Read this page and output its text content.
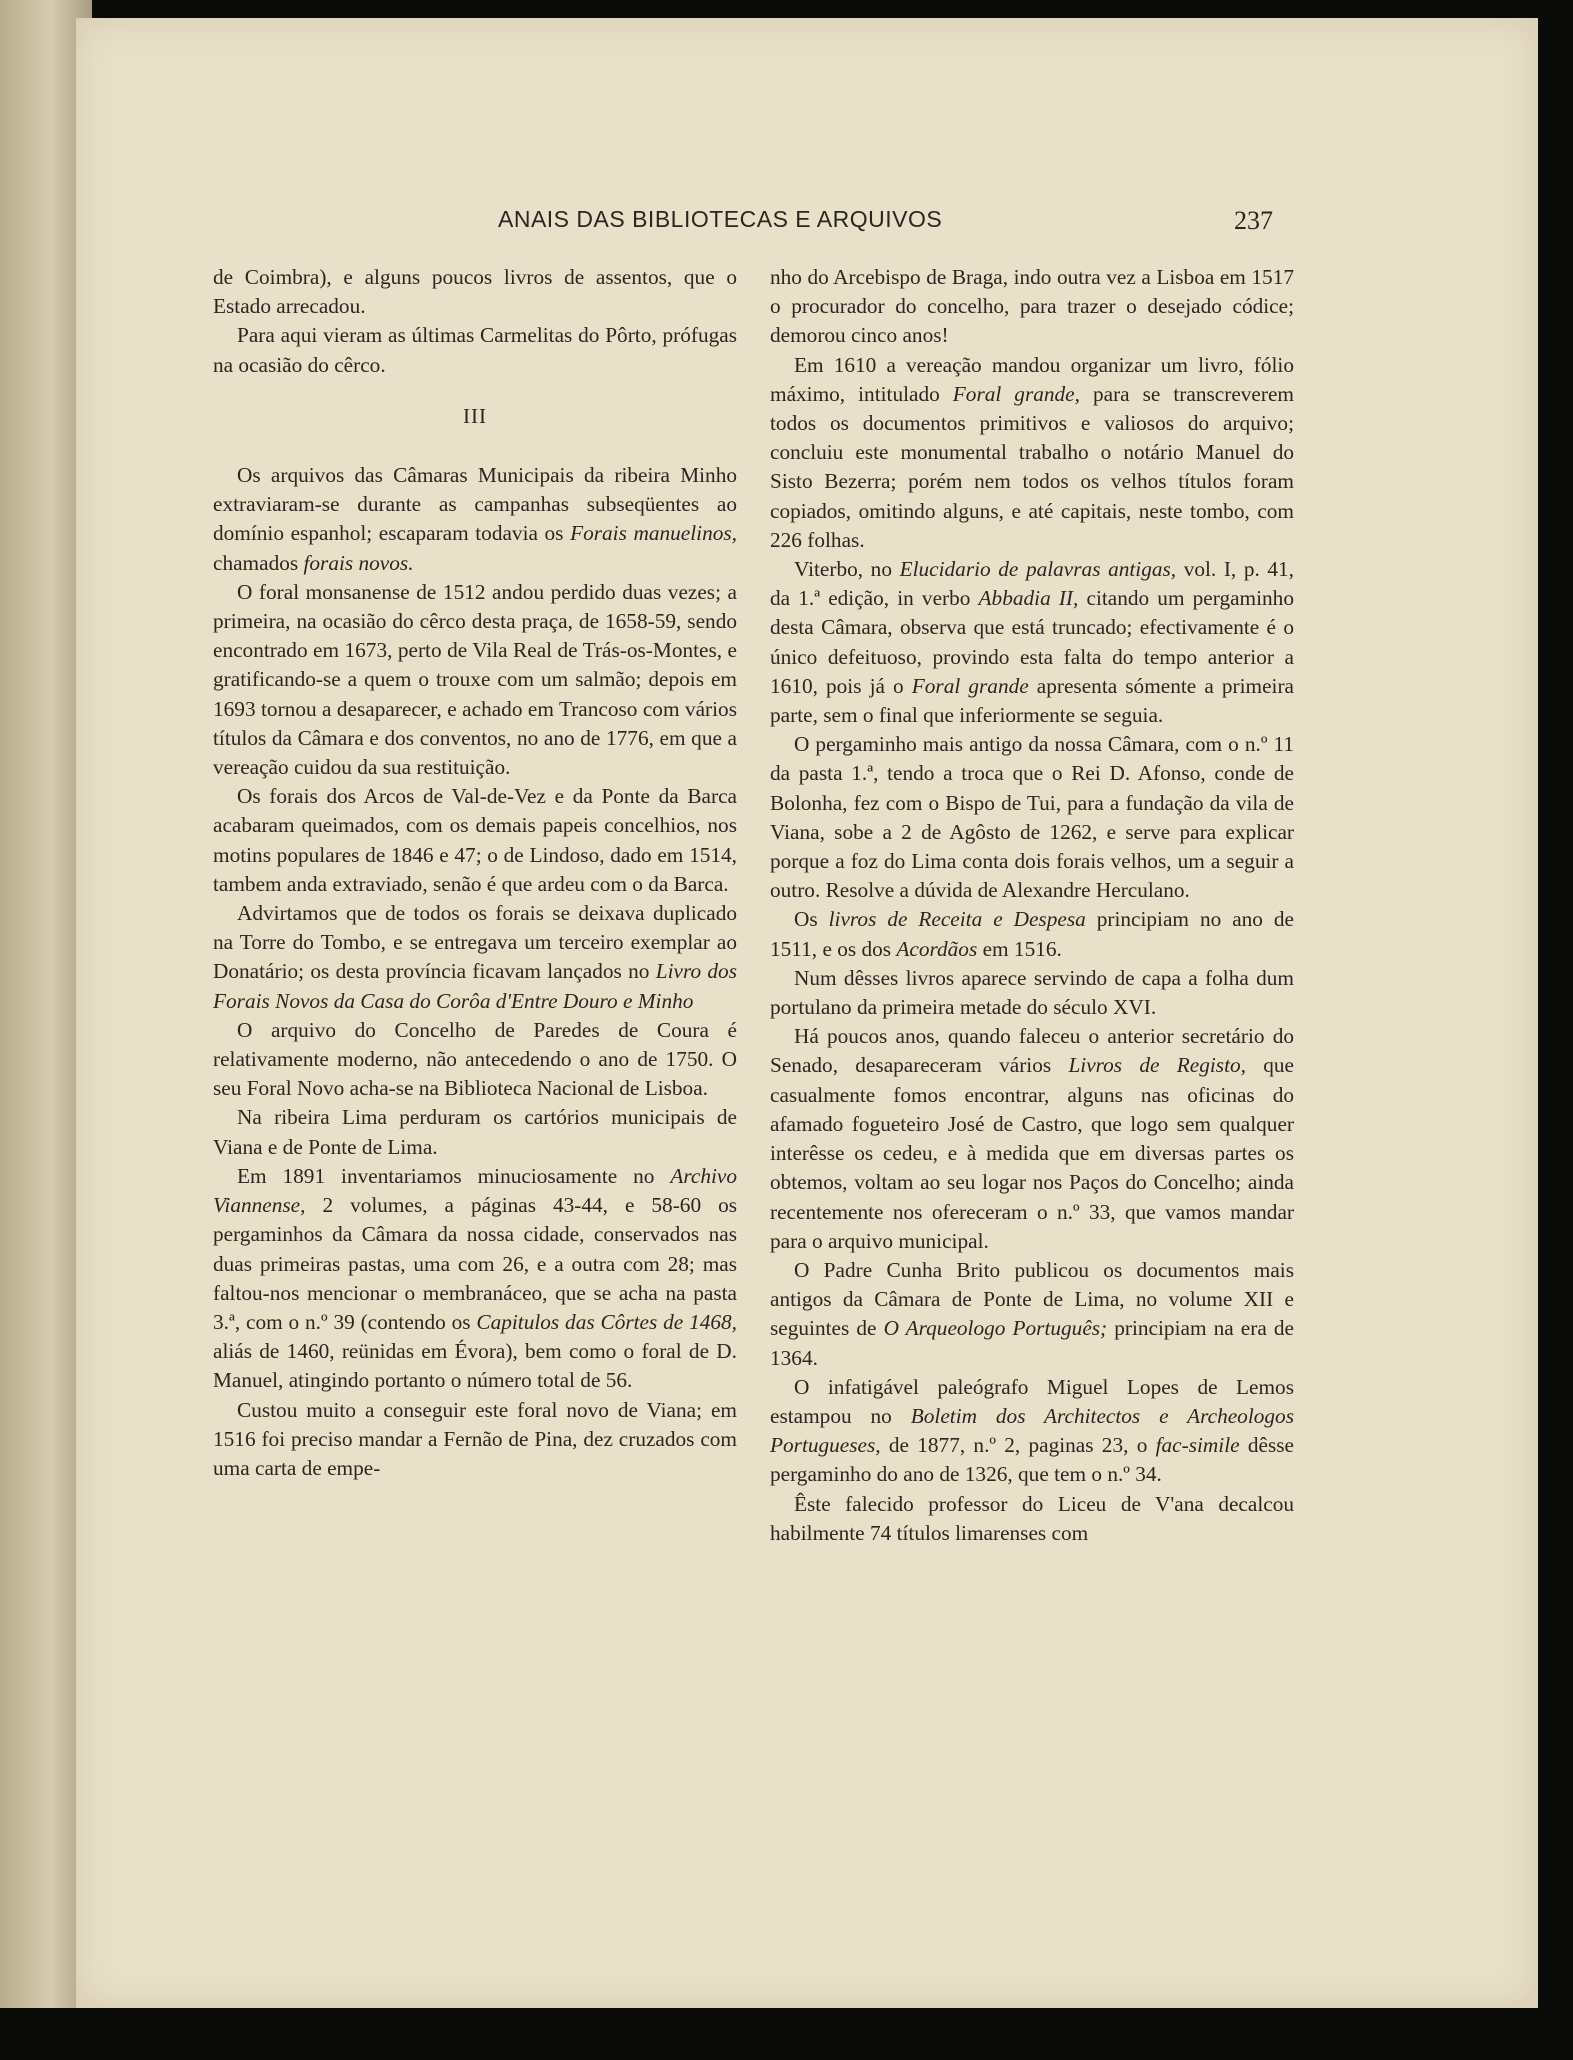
ANAIS DAS BIBLIOTECAS E ARQUIVOS	237

de Coimbra), e alguns poucos livros de assentos, que o Estado arrecadou.

Para aqui vieram as últimas Carmelitas do Pôrto, prófugas na ocasião do cêrco.

III

Os arquivos das Câmaras Municipais da ribeira Minho extraviaram-se durante as campanhas subseqüentes ao domínio espanhol; escaparam todavia os Forais manuelinos, chamados forais novos.

O foral monsanense de 1512 andou perdido duas vezes; a primeira, na ocasião do cêrco desta praça, de 1658-59, sendo encontrado em 1673, perto de Vila Real de Trás-os-Montes, e gratificando-se a quem o trouxe com um salmão; depois em 1693 tornou a desaparecer, e achado em Trancoso com vários títulos da Câmara e dos conventos, no ano de 1776, em que a vereação cuidou da sua restituição.

Os forais dos Arcos de Val-de-Vez e da Ponte da Barca acabaram queimados, com os demais papeis concelhios, nos motins populares de 1846 e 47; o de Lindoso, dado em 1514, tambem anda extraviado, senão é que ardeu com o da Barca.

Advirtamos que de todos os forais se deixava duplicado na Torre do Tombo, e se entregava um terceiro exemplar ao Donatário; os desta província ficavam lançados no Livro dos Forais Novos da Casa do Corôa d'Entre Douro e Minho

O arquivo do Concelho de Paredes de Coura é relativamente moderno, não antecedendo o ano de 1750. O seu Foral Novo acha-se na Biblioteca Nacional de Lisboa.

Na ribeira Lima perduram os cartórios municipais de Viana e de Ponte de Lima.

Em 1891 inventariamos minuciosamente no Archivo Viannense, 2 volumes, a páginas 43-44, e 58-60 os pergaminhos da Câmara da nossa cidade, conservados nas duas primeiras pastas, uma com 26, e a outra com 28; mas faltou-nos mencionar o membranáceo, que se acha na pasta 3.ª, com o n.º 39 (contendo os Capitulos das Côrtes de 1468, aliás de 1460, reünidas em Évora), bem como o foral de D. Manuel, atingindo portanto o número total de 56.

Custou muito a conseguir este foral novo de Viana; em 1516 foi preciso mandar a Fernão de Pina, dez cruzados com uma carta de empe-

nho do Arcebispo de Braga, indo outra vez a Lisboa em 1517 o procurador do concelho, para trazer o desejado códice; demorou cinco anos!

Em 1610 a vereação mandou organizar um livro, fólio máximo, intitulado Foral grande, para se transcreverem todos os documentos primitivos e valiosos do arquivo; concluiu este monumental trabalho o notário Manuel do Sisto Bezerra; porém nem todos os velhos títulos foram copiados, omitindo alguns, e até capitais, neste tombo, com 226 folhas.

Viterbo, no Elucidario de palavras antigas, vol. I, p. 41, da 1.ª edição, in verbo Abbadia II, citando um pergaminho desta Câmara, observa que está truncado; efectivamente é o único defeituoso, provindo esta falta do tempo anterior a 1610, pois já o Foral grande apresenta sómente a primeira parte, sem o final que inferiormente se seguia.

O pergaminho mais antigo da nossa Câmara, com o n.º 11 da pasta 1.ª, tendo a troca que o Rei D. Afonso, conde de Bolonha, fez com o Bispo de Tui, para a fundação da vila de Viana, sobe a 2 de Agôsto de 1262, e serve para explicar porque a foz do Lima conta dois forais velhos, um a seguir a outro. Resolve a dúvida de Alexandre Herculano.

Os livros de Receita e Despesa principiam no ano de 1511, e os dos Acordãos em 1516.

Num dêsses livros aparece servindo de capa a folha dum portulano da primeira metade do século XVI.

Há poucos anos, quando faleceu o anterior secretário do Senado, desapareceram vários Livros de Registo, que casualmente fomos encontrar, alguns nas oficinas do afamado fogueteiro José de Castro, que logo sem qualquer interêsse os cedeu, e à medida que em diversas partes os obtemos, voltam ao seu logar nos Paços do Concelho; ainda recentemente nos ofereceram o n.º 33, que vamos mandar para o arquivo municipal.

O Padre Cunha Brito publicou os documentos mais antigos da Câmara de Ponte de Lima, no volume XII e seguintes de O Arqueologo Português; principiam na era de 1364.

O infatigável paleógrafo Miguel Lopes de Lemos estampou no Boletim dos Architectos e Archeologos Portugueses, de 1877, n.º 2, paginas 23, o fac-simile dêsse pergaminho do ano de 1326, que tem o n.º 34.

Êste falecido professor do Liceu de V'ana decalcou habilmente 74 títulos limarenses com
